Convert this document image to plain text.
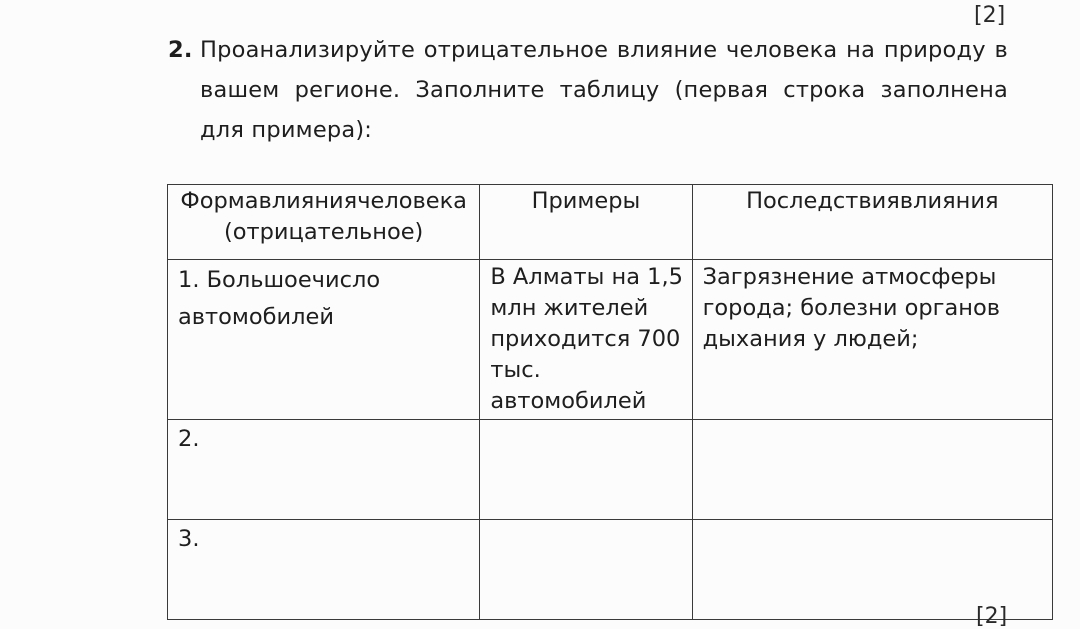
[2]
2. Проанализируйте отрицательное влияние человека на природу в вашем регионе. Заполните таблицу (первая строка заполнена для примера):
Формавлияниячеловека (отрицательное)	Примеры	Последствиявлияния
1. Большоечисло автомобилей	В Алматы на 1,5 млн жителей приходится 700 тыс. автомобилей	Загрязнение атмосферы города; болезни органов дыхания у людей;
2.		
3.		
[2]
